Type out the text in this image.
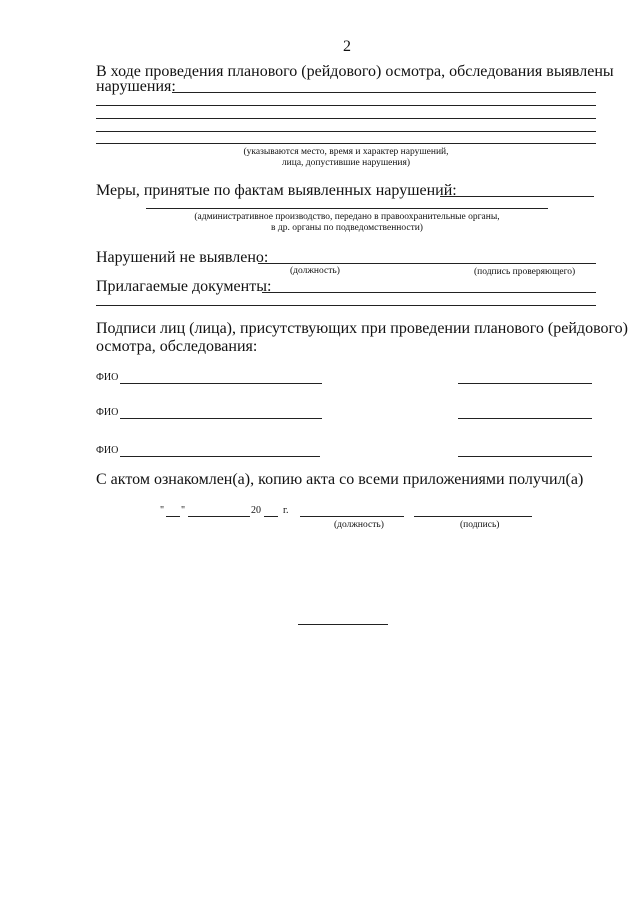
2
В ходе проведения планового (рейдового) осмотра, обследования выявлены
нарушения:
(указываются место, время и характер нарушений,
лица, допустившие нарушения)
Меры, принятые по фактам выявленных нарушений:
(административное производство, передано в правоохранительные органы,
в др. органы по подведомственности)
Нарушений не выявлено:
(должность)	(подпись проверяющего)
Прилагаемые документы:
Подписи лиц (лица), присутствующих при проведении планового (рейдового)
осмотра, обследования:
ФИО
ФИО
ФИО
С актом ознакомлен(а), копию акта со всеми приложениями получил(а)
" "	20 г.
(должность)	(подпись)
